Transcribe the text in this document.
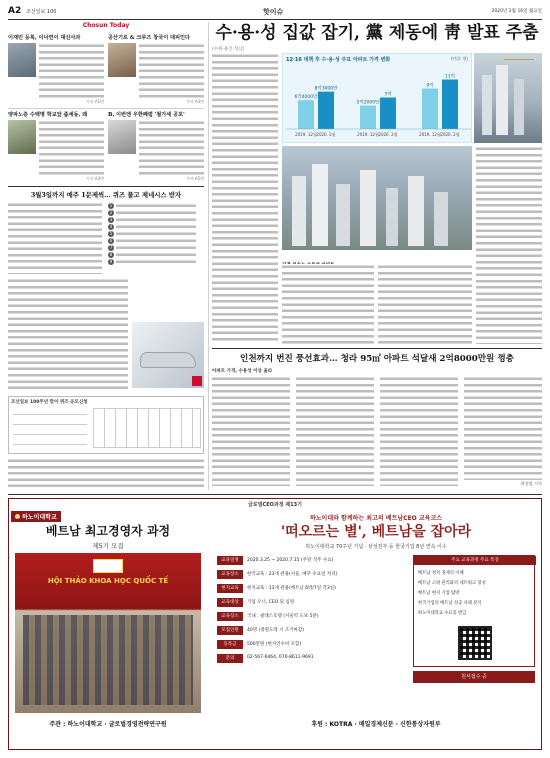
A2 조선일보 100	핫이슈	2020년 2월 16일 월요일
Chosun Today
이재민 등록, 이낙연이 대신사과
기사 A1면
공산기로 & 크루즈 창국이 대피인다
기사 A3면
양파노층 수백명 학교앞 줍세동, 왜
기사 A3면
B. 이번엔 우한폐렴 '철가세 공포'
기사 A5면
3월3일까지 매주 1문제씩… 퀴즈 풀고 제네시스 받자
1
2
3
4
5
6
7
8
9
조선일보 100주년 맞이 퀴즈 응모신청
수·용·성 집값 잡기, 黨 제동에 靑 발표 주춤
(수원·용인·성남)
12·16 대책 후 수·용·성 주요 아파트 가격 변화	(단위: 원)
6억4000만
2019. 12월
8억3000만
2020. 2월
5억2000만
2019. 12월
7억
2020. 2월
9억
2019. 12월
11억
2020. 2월
인천까지 번진 풍선효과… 청라 95㎡ 아파트 석달새 2억8000만원 껑충
아파트 가격, 수용성 이상 올라
곽창렬 기자
글로벌CEO과정 제13기
하노이대학교
베트남 최고경영자 과정
제5기 모집
HỘI THẢO KHOA HỌC QUỐC TẾ
주관 : 하노이대학교 · 글로벌경영전략연구원
하노이대와 함께하는 최고의 베트남CEO 교육코스
'떠오르는 별', 베트남을 잡아라
하노이대학교 70주년 기념 · 삼성전자 등 한국기업 8년 연속 이수
교육일정	2020.3.25 ~ 2020.7.15 (주말 격주 수요)
교육장소	한국교육 : 23개 관용(서울, 매주 수요일 저녁)
현지교육	현지교육 : 13개 관용(베트남 6박/7일 각3일)
교육대상	기업 오너, CEO 및 임원
교육장소	국내 : 팔래스호텔 (서울역 도보 5분)
모집인원	40명 (정원도래 시 조기마감)
등록금	500만원 (현지연수비 포함)
문의	02-567-6464, 070-8611-9691
주요 교육과정 주요 특징
베트남 정치 경제의 이해
베트남 고위 관리와의 네트워크 형성
베트남 현지 기업 탐방
한국기업의 베트남 성공 사례 분석
하노이대학교 수료증 발급
원서접수 중
후원 : KOTRA · 매일경제신문 · 신한통상자원부
